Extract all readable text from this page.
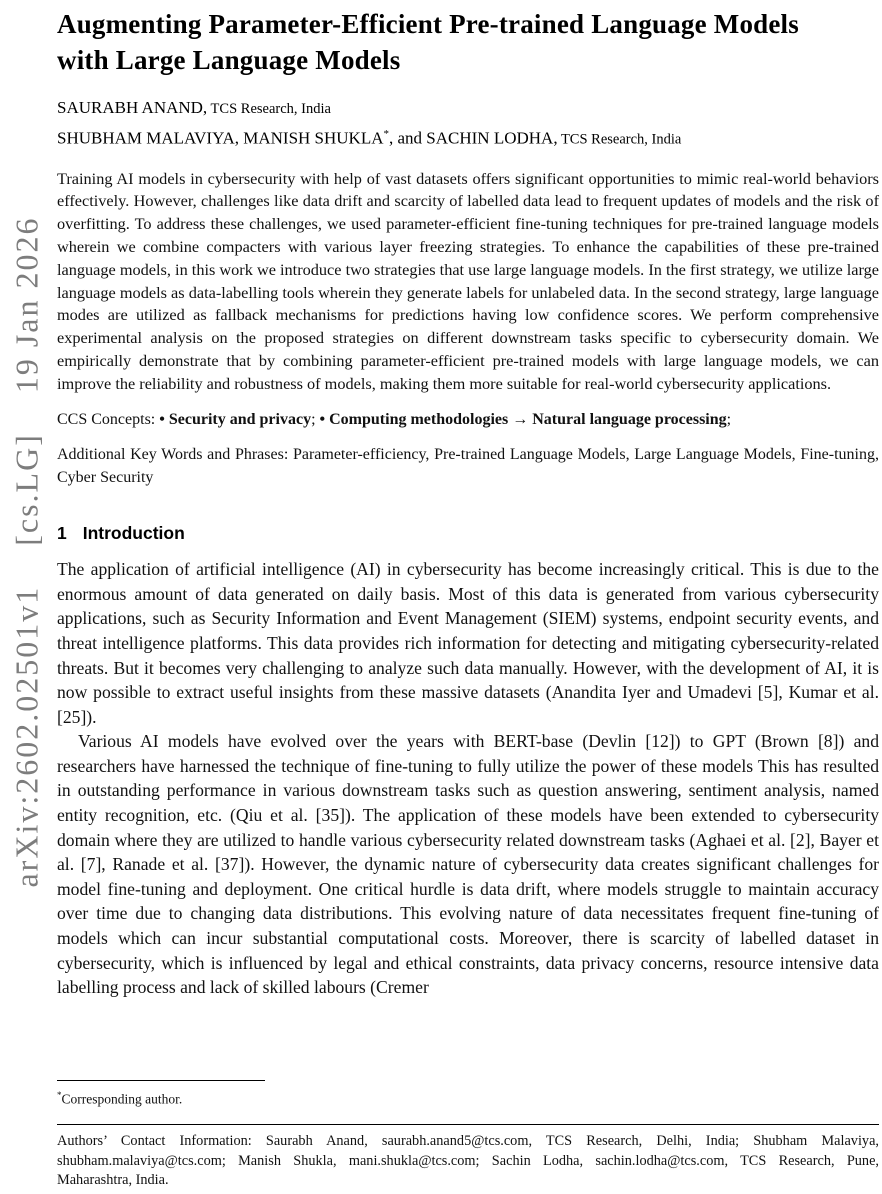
arXiv:2602.02501v1 [cs.LG] 19 Jan 2026
Augmenting Parameter-Efficient Pre-trained Language Models with Large Language Models

SAURABH ANAND, TCS Research, India

SHUBHAM MALAVIYA, MANISH SHUKLA*, and SACHIN LODHA, TCS Research, India

Training AI models in cybersecurity with help of vast datasets offers significant opportunities to mimic real-world behaviors effectively. However, challenges like data drift and scarcity of labelled data lead to frequent updates of models and the risk of overfitting. To address these challenges, we used parameter-efficient fine-tuning techniques for pre-trained language models wherein we combine compacters with various layer freezing strategies. To enhance the capabilities of these pre-trained language models, in this work we introduce two strategies that use large language models. In the first strategy, we utilize large language models as data-labelling tools wherein they generate labels for unlabeled data. In the second strategy, large language modes are utilized as fallback mechanisms for predictions having low confidence scores. We perform comprehensive experimental analysis on the proposed strategies on different downstream tasks specific to cybersecurity domain. We empirically demonstrate that by combining parameter-efficient pre-trained models with large language models, we can improve the reliability and robustness of models, making them more suitable for real-world cybersecurity applications.

CCS Concepts: • Security and privacy; • Computing methodologies → Natural language processing;

Additional Key Words and Phrases: Parameter-efficiency, Pre-trained Language Models, Large Language Models, Fine-tuning, Cyber Security

1 Introduction

The application of artificial intelligence (AI) in cybersecurity has become increasingly critical. This is due to the enormous amount of data generated on daily basis. Most of this data is generated from various cybersecurity applications, such as Security Information and Event Management (SIEM) systems, endpoint security events, and threat intelligence platforms. This data provides rich information for detecting and mitigating cybersecurity-related threats. But it becomes very challenging to analyze such data manually. However, with the development of AI, it is now possible to extract useful insights from these massive datasets (Anandita Iyer and Umadevi [5], Kumar et al. [25]).

Various AI models have evolved over the years with BERT-base (Devlin [12]) to GPT (Brown [8]) and researchers have harnessed the technique of fine-tuning to fully utilize the power of these models This has resulted in outstanding performance in various downstream tasks such as question answering, sentiment analysis, named entity recognition, etc. (Qiu et al. [35]). The application of these models have been extended to cybersecurity domain where they are utilized to handle various cybersecurity related downstream tasks (Aghaei et al. [2], Bayer et al. [7], Ranade et al. [37]). However, the dynamic nature of cybersecurity data creates significant challenges for model fine-tuning and deployment. One critical hurdle is data drift, where models struggle to maintain accuracy over time due to changing data distributions. This evolving nature of data necessitates frequent fine-tuning of models which can incur substantial computational costs. Moreover, there is scarcity of labelled dataset in cybersecurity, which is influenced by legal and ethical constraints, data privacy concerns, resource intensive data labelling process and lack of skilled labours (Cremer

*Corresponding author.

Authors’ Contact Information: Saurabh Anand, saurabh.anand5@tcs.com, TCS Research, Delhi, India; Shubham Malaviya, shubham.malaviya@tcs.com; Manish Shukla, mani.shukla@tcs.com; Sachin Lodha, sachin.lodha@tcs.com, TCS Research, Pune, Maharashtra, India.
